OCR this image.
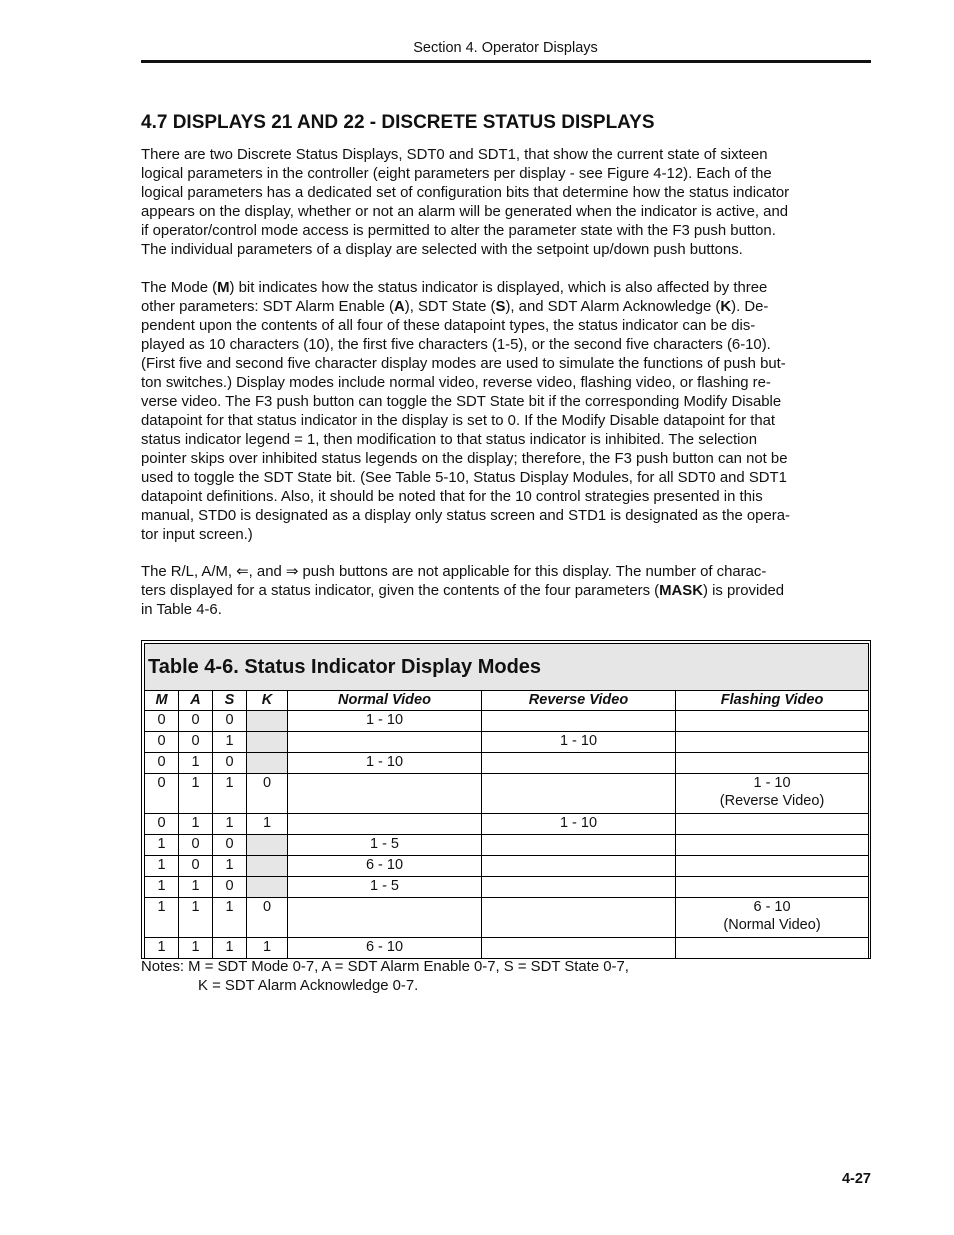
Section 4. Operator Displays
4.7 DISPLAYS 21 AND 22 - DISCRETE STATUS DISPLAYS

There are two Discrete Status Displays, SDT0 and SDT1, that show the current state of sixteen
logical parameters in the controller (eight parameters per display - see Figure 4-12). Each of the
logical parameters has a dedicated set of configuration bits that determine how the status indicator
appears on the display, whether or not an alarm will be generated when the indicator is active, and
if operator/control mode access is permitted to alter the parameter state with the F3 push button.
The individual parameters of a display are selected with the setpoint up/down push buttons.

The Mode (M) bit indicates how the status indicator is displayed, which is also affected by three
other parameters: SDT Alarm Enable (A), SDT State (S), and SDT Alarm Acknowledge (K). De-
pendent upon the contents of all four of these datapoint types, the status indicator can be dis-
played as 10 characters (10), the first five characters (1-5), or the second five characters (6-10).
(First five and second five character display modes are used to simulate the functions of push but-
ton switches.) Display modes include normal video, reverse video, flashing video, or flashing re-
verse video. The F3 push button can toggle the SDT State bit if the corresponding Modify Disable
datapoint for that status indicator in the display is set to 0. If the Modify Disable datapoint for that
status indicator legend = 1, then modification to that status indicator is inhibited. The selection
pointer skips over inhibited status legends on the display; therefore, the F3 push button can not be
used to toggle the SDT State bit. (See Table 5-10, Status Display Modules, for all SDT0 and SDT1
datapoint definitions. Also, it should be noted that for the 10 control strategies presented in this
manual, STD0 is designated as a display only status screen and STD1 is designated as the opera-
tor input screen.)

The R/L, A/M, ⇐, and ⇒ push buttons are not applicable for this display. The number of charac-
ters displayed for a status indicator, given the contents of the four parameters (MASK) is provided
in Table 4-6.

Table 4-6. Status Indicator Display Modes						
M	A	S	K	Normal Video	Reverse Video	Flashing Video
0	0	0		1 - 10		

0	0	1			1 - 10	

0	1	0		1 - 10		

0	1	1	0			1 - 10
(Reverse Video)

0	1	1	1		1 - 10	

1	0	0		1 - 5		

1	0	1		6 - 10		

1	1	0		1 - 5		

1	1	1	0			6 - 10
(Normal Video)

1	1	1	1	6 - 10		
Notes: M = SDT Mode 0-7, A = SDT Alarm Enable 0-7, S = SDT State 0-7,
K = SDT Alarm Acknowledge 0-7.
4-27
